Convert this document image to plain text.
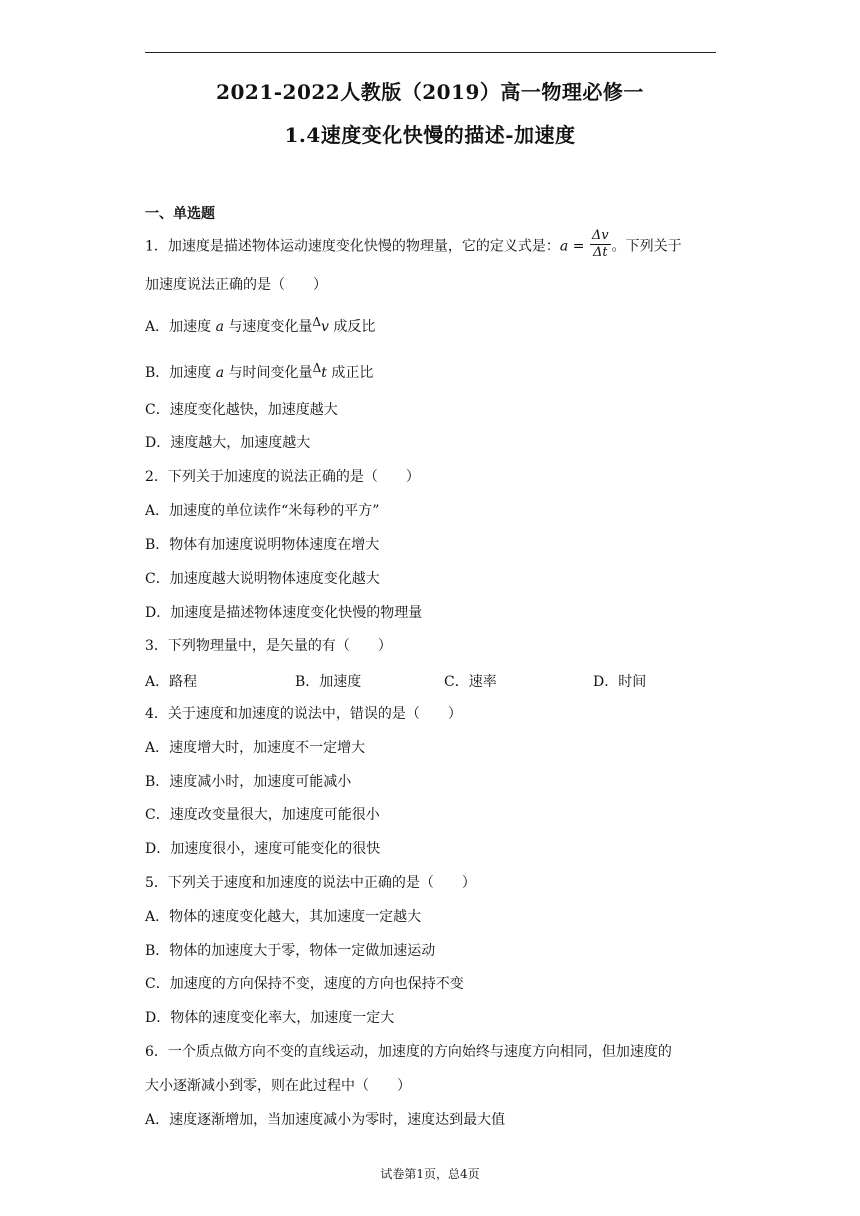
2021-2022人教版（2019）高一物理必修一
1.4速度变化快慢的描述-加速度
一、单选题
1．加速度是描述物体运动速度变化快慢的物理量，它的定义式是：$a = \frac{\Delta v}{\Delta t}$ 。下列关于
加速度说法正确的是（　　）
A．加速度 a 与速度变化量Δv 成反比
B．加速度 a 与时间变化量Δt 成正比
C．速度变化越快，加速度越大
D．速度越大，加速度越大
2．下列关于加速度的说法正确的是（　　）
A．加速度的单位读作“米每秒的平方”
B．物体有加速度说明物体速度在增大
C．加速度越大说明物体速度变化越大
D．加速度是描述物体速度变化快慢的物理量
3．下列物理量中，是矢量的有（　　）
A．路程	B．加速度	C．速率	D．时间
4．关于速度和加速度的说法中，错误的是（　　）
A．速度增大时，加速度不一定增大
B．速度减小时，加速度可能减小
C．速度改变量很大，加速度可能很小
D．加速度很小，速度可能变化的很快
5．下列关于速度和加速度的说法中正确的是（　　）
A．物体的速度变化越大，其加速度一定越大
B．物体的加速度大于零，物体一定做加速运动
C．加速度的方向保持不变，速度的方向也保持不变
D．物体的速度变化率大，加速度一定大
6．一个质点做方向不变的直线运动，加速度的方向始终与速度方向相同，但加速度的
大小逐渐减小到零，则在此过程中（　　）
A．速度逐渐增加，当加速度减小为零时，速度达到最大值
试卷第1页，总4页
